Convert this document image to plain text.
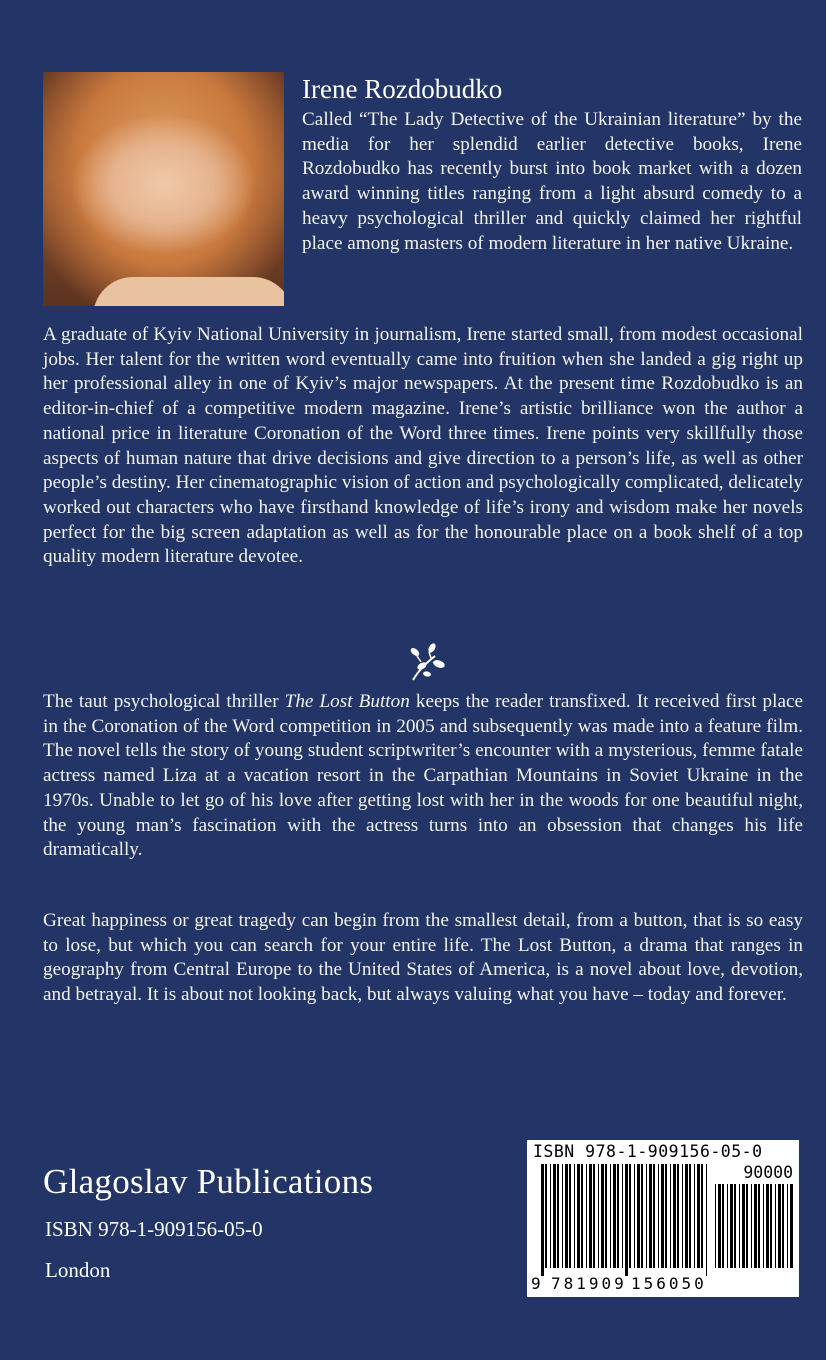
Irene Rozdobudko

Called “The Lady Detective of the Ukrainian literature” by the media for her splendid earlier detective books, Irene Rozdobudko has recently burst into book market with a dozen award winning titles ranging from a light absurd comedy to a heavy psychological thriller and quickly claimed her rightful place among masters of modern literature in her native Ukraine.

A graduate of Kyiv National University in journalism, Irene started small, from modest occasional jobs. Her talent for the written word eventually came into fruition when she landed a gig right up her professional alley in one of Kyiv’s major newspapers. At the present time Rozdobudko is an editor-in-chief of a competitive modern magazine. Irene’s artistic brilliance won the author a national price in literature Coronation of the Word three times. Irene points very skillfully those aspects of human nature that drive decisions and give direction to a person’s life, as well as other people’s destiny. Her cinematographic vision of action and psychologically complicated, delicately worked out characters who have firsthand knowledge of life’s irony and wisdom make her novels perfect for the big screen adaptation as well as for the honourable place on a book shelf of a top quality modern literature devotee.

The taut psychological thriller The Lost Button keeps the reader transfixed. It received first place in the Coronation of the Word competition in 2005 and subsequently was made into a feature film. The novel tells the story of young student scriptwriter’s encounter with a mysterious, femme fatale actress named Liza at a vacation resort in the Carpathian Mountains in Soviet Ukraine in the 1970s. Unable to let go of his love after getting lost with her in the woods for one beautiful night, the young man’s fascination with the actress turns into an obsession that changes his life dramatically.

Great happiness or great tragedy can begin from the smallest detail, from a button, that is so easy to lose, but which you can search for your entire life. The Lost Button, a drama that ranges in geography from Central Europe to the United States of America, is a novel about love, devotion, and betrayal. It is about not looking back, but always valuing what you have – today and forever.

Glagoslav Publications
ISBN 978-1-909156-05-0
London
ISBN 978-1-909156-05-0
90000
9 781909 156050
